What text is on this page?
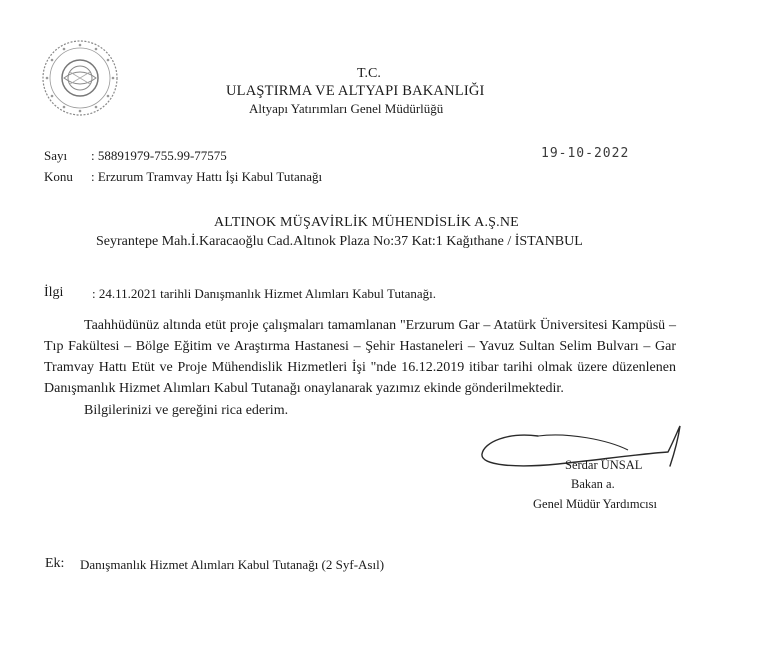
T.C.
ULAŞTIRMA VE ALTYAPI BAKANLIĞI
Altyapı Yatırımları Genel Müdürlüğü
Sayı : 58891979-755.99-77575	19-10-2022
Konu : Erzurum Tramvay Hattı İşi Kabul Tutanağı
ALTINOK MÜŞAVİRLİK MÜHENDİSLİK A.Ş.NE
Seyrantepe Mah.İ.Karacaoğlu Cad.Altınok Plaza No:37 Kat:1 Kağıthane / İSTANBUL
İlgi : 24.11.2021 tarihli Danışmanlık Hizmet Alımları Kabul Tutanağı.

Taahhüdünüz altında etüt proje çalışmaları tamamlanan "Erzurum Gar – Atatürk Üniversitesi Kampüsü – Tıp Fakültesi – Bölge Eğitim ve Araştırma Hastanesi – Şehir Hastaneleri – Yavuz Sultan Selim Bulvarı – Gar Tramvay Hattı Etüt ve Proje Mühendislik Hizmetleri İşi "nde 16.12.2019 itibar tarihi olmak üzere düzenlenen Danışmanlık Hizmet Alımları Kabul Tutanağı onaylanarak yazımız ekinde gönderilmektedir.

Bilgilerinizi ve gereğini rica ederim.

Serdar ÜNSAL
Bakan a.
Genel Müdür Yardımcısı
Ek: Danışmanlık Hizmet Alımları Kabul Tutanağı (2 Syf-Asıl)
